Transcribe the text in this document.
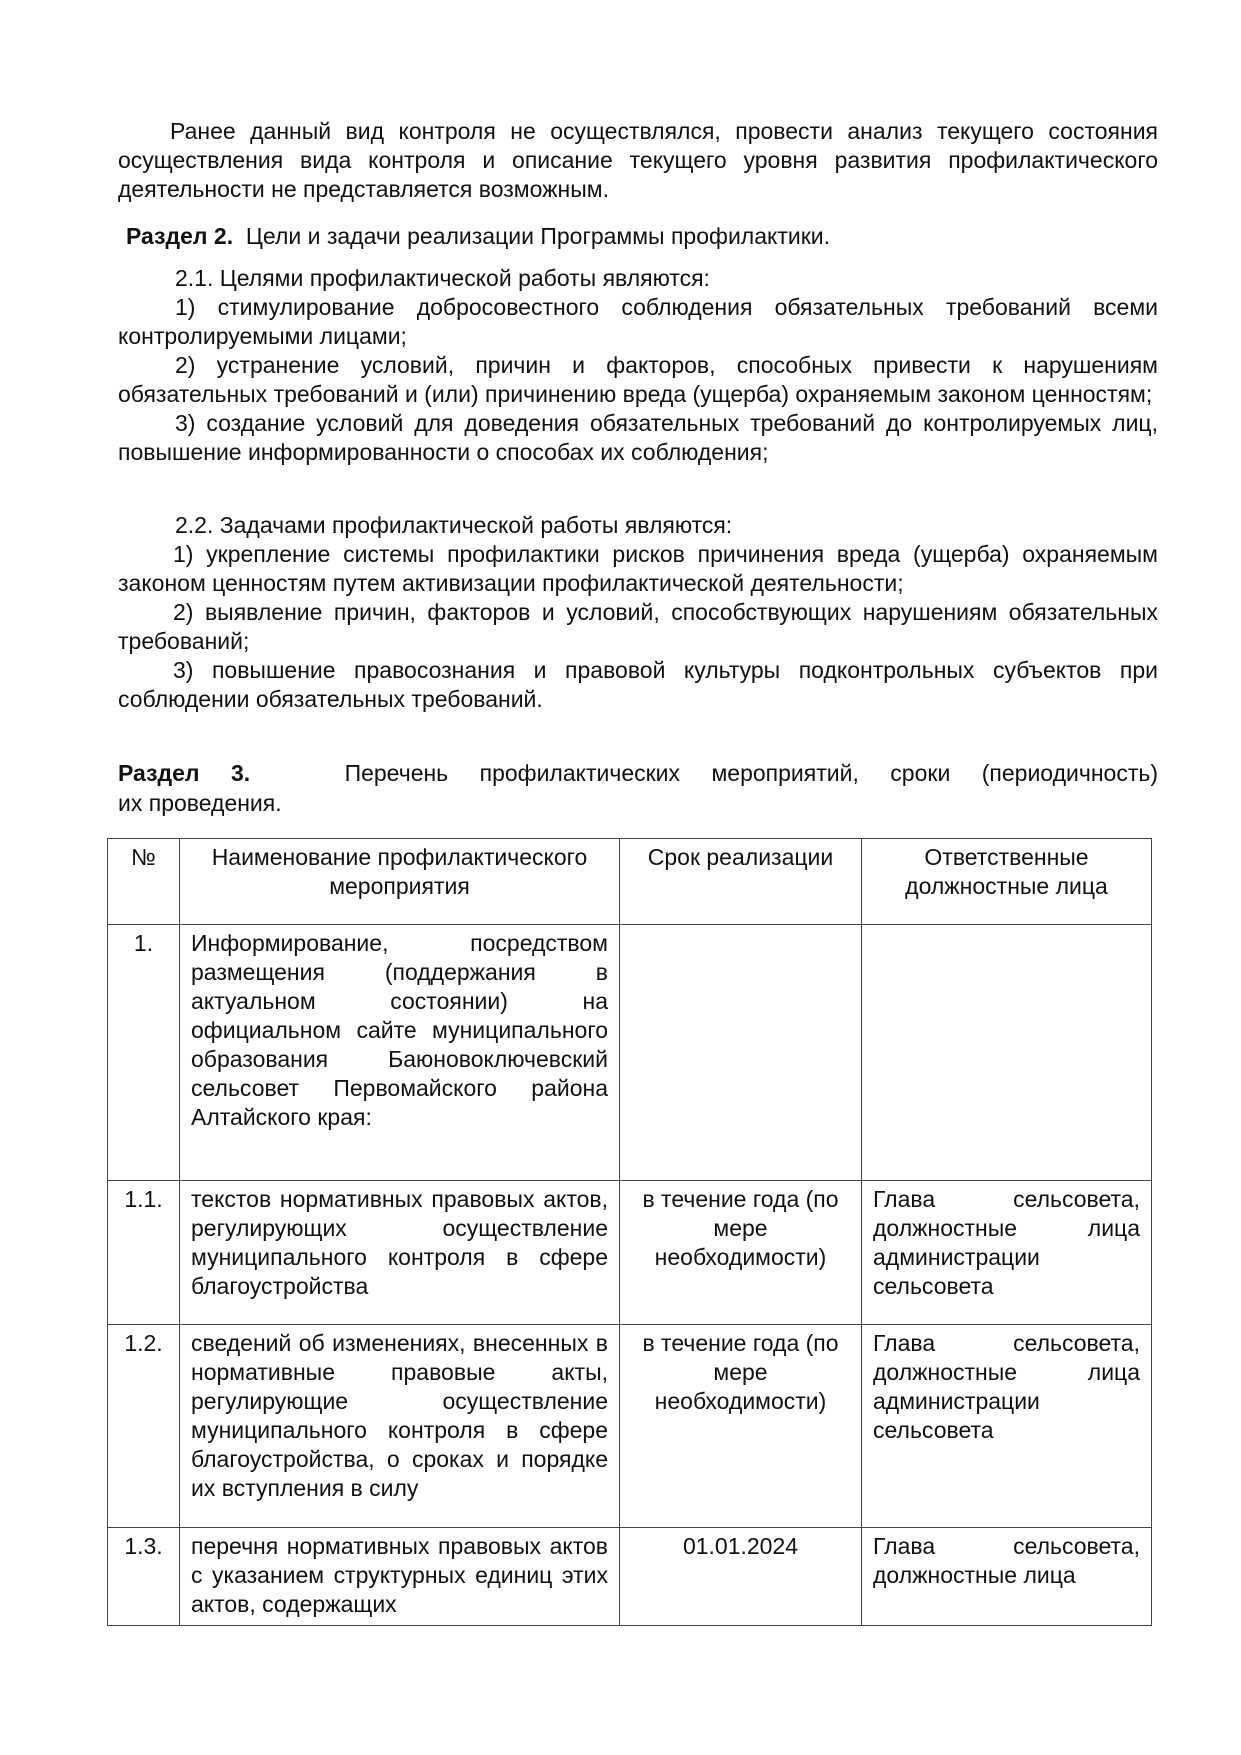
Ранее данный вид контроля не осуществлялся, провести анализ текущего состояния осуществления вида контроля и описание текущего уровня развития профилактического деятельности не представляется возможным.

Раздел 2. Цели и задачи реализации Программы профилактики.

2.1. Целями профилактической работы являются:

1) стимулирование добросовестного соблюдения обязательных требований всеми контролируемыми лицами;

2) устранение условий, причин и факторов, способных привести к нарушениям обязательных требований и (или) причинению вреда (ущерба) охраняемым законом ценностям;

3) создание условий для доведения обязательных требований до контролируемых лиц, повышение информированности о способах их соблюдения;

2.2. Задачами профилактической работы являются:

1) укрепление системы профилактики рисков причинения вреда (ущерба) охраняемым законом ценностям путем активизации профилактической деятельности;

2) выявление причин, факторов и условий, способствующих нарушениям обязательных требований;

3) повышение правосознания и правовой культуры подконтрольных субъектов при соблюдении обязательных требований.

Раздел 3.	Перечень профилактических мероприятий, сроки (периодичность)
их проведения.
№	Наименование профилактического мероприятия	Срок реализации	Ответственные должностные лица
1.	Информирование, посредством размещения (поддержания в актуальном состоянии) на официальном сайте муниципального образования Баюновоключевский сельсовет Первомайского района Алтайского края:		
1.1.	текстов нормативных правовых актов, регулирующих осуществление муниципального контроля в сфере благоустройства	в течение года (по мере необходимости)	Глава сельсовета, должностные лица администрации сельсовета
1.2.	сведений об изменениях, внесенных в нормативные правовые акты, регулирующие осуществление муниципального контроля в сфере благоустройства, о сроках и порядке их вступления в силу	в течение года (по мере необходимости)	Глава сельсовета, должностные лица администрации сельсовета
1.3.	перечня нормативных правовых актов с указанием структурных единиц этих актов, содержащих	01.01.2024	Глава сельсовета, должностные лица
